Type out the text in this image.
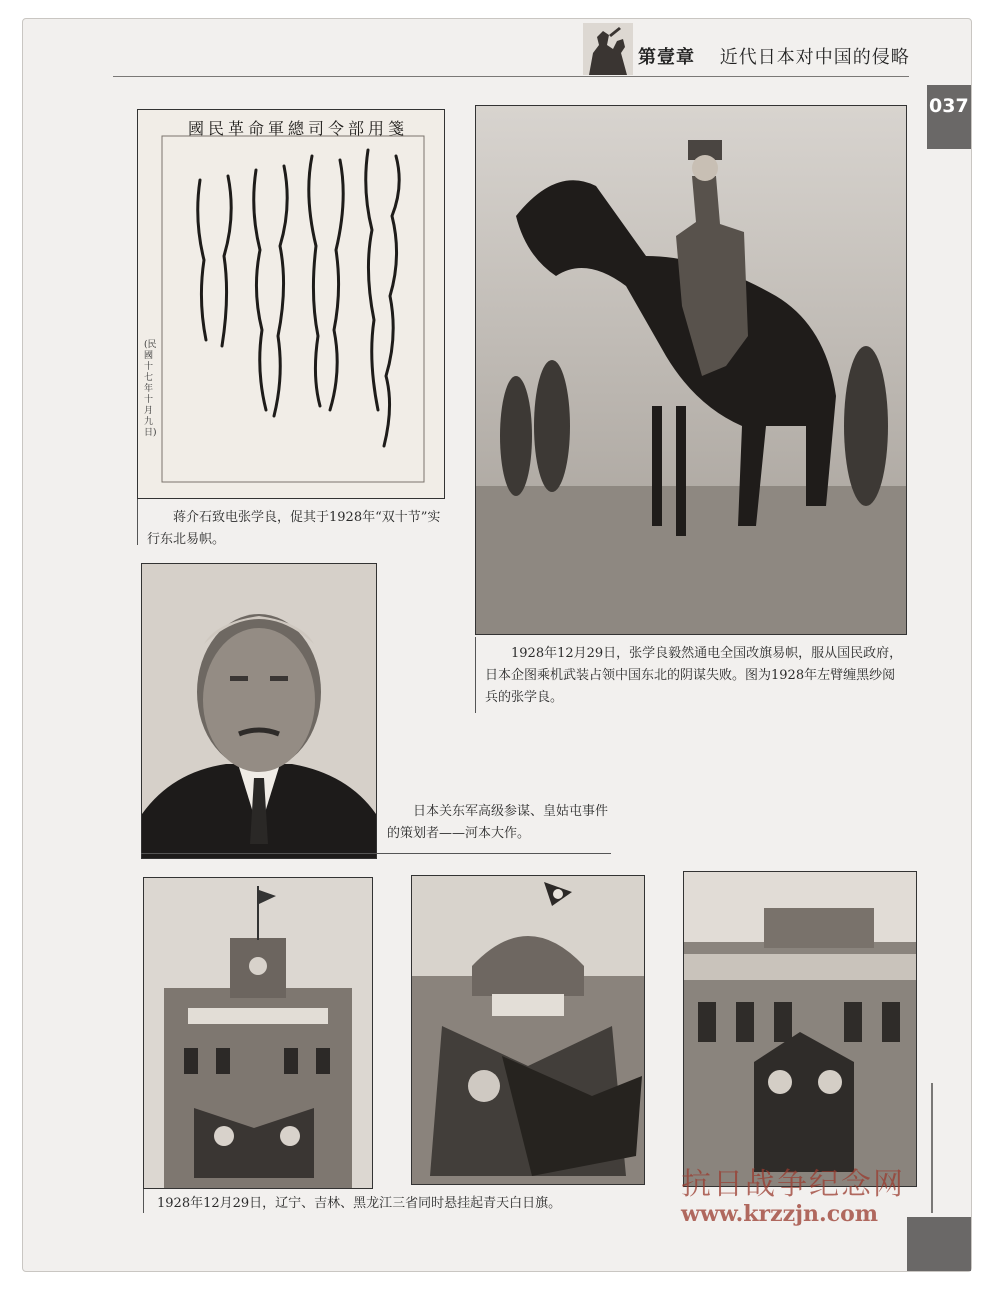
第壹章 近代日本对中国的侵略
037
國民革命軍總司令部用箋
(民國十七年十月九日)
蒋介石致电张学良，促其于1928年“双十节”实行东北易帜。
1928年12月29日，张学良毅然通电全国改旗易帜，服从国民政府，日本企图乘机武装占领中国东北的阴谋失败。图为1928年左臂缠黑纱阅兵的张学良。
日本关东军高级参谋、皇姑屯事件的策划者——河本大作。
1928年12月29日，辽宁、吉林、黑龙江三省同时悬挂起青天白日旗。
抗日战争纪念网
www.krzzjn.com
